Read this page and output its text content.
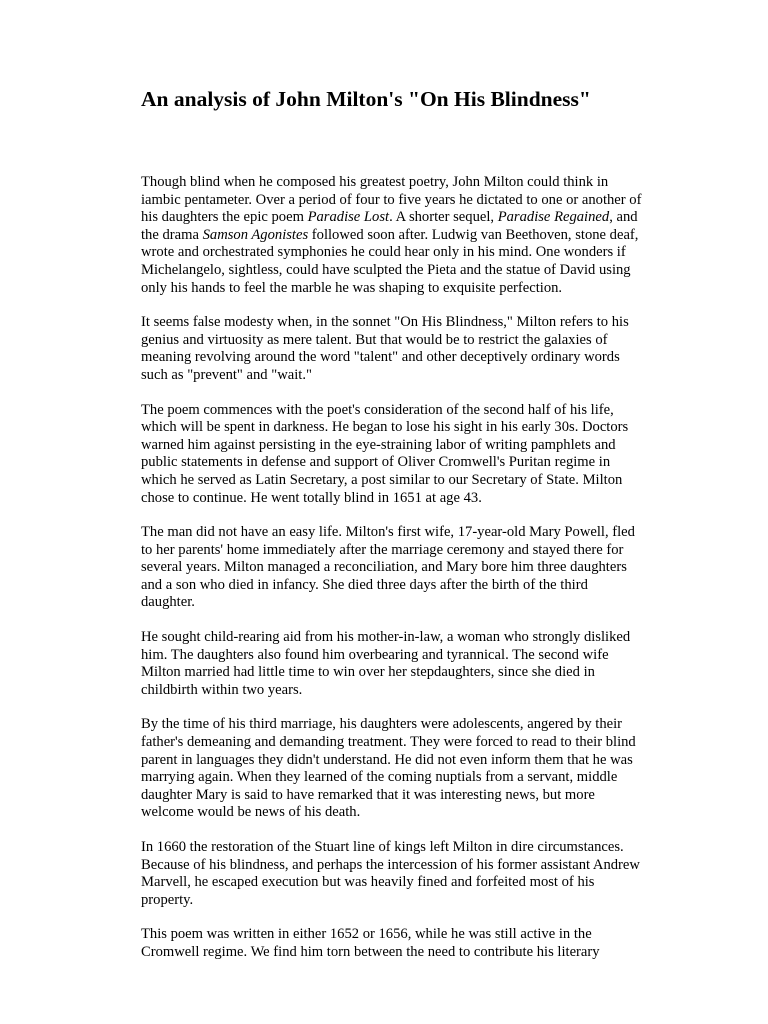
An analysis of John Milton's "On His Blindness"

Though blind when he composed his greatest poetry, John Milton could think in
iambic pentameter. Over a period of four to five years he dictated to one or another of
his daughters the epic poem Paradise Lost. A shorter sequel, Paradise Regained, and
the drama Samson Agonistes followed soon after. Ludwig van Beethoven, stone deaf,
wrote and orchestrated symphonies he could hear only in his mind. One wonders if
Michelangelo, sightless, could have sculpted the Pieta and the statue of David using
only his hands to feel the marble he was shaping to exquisite perfection.

It seems false modesty when, in the sonnet "On His Blindness," Milton refers to his
genius and virtuosity as mere talent. But that would be to restrict the galaxies of
meaning revolving around the word "talent" and other deceptively ordinary words
such as "prevent" and "wait."

The poem commences with the poet's consideration of the second half of his life,
which will be spent in darkness. He began to lose his sight in his early 30s. Doctors
warned him against persisting in the eye-straining labor of writing pamphlets and
public statements in defense and support of Oliver Cromwell's Puritan regime in
which he served as Latin Secretary, a post similar to our Secretary of State. Milton
chose to continue. He went totally blind in 1651 at age 43.

The man did not have an easy life. Milton's first wife, 17-year-old Mary Powell, fled
to her parents' home immediately after the marriage ceremony and stayed there for
several years. Milton managed a reconciliation, and Mary bore him three daughters
and a son who died in infancy. She died three days after the birth of the third
daughter.

He sought child-rearing aid from his mother-in-law, a woman who strongly disliked
him. The daughters also found him overbearing and tyrannical. The second wife
Milton married had little time to win over her stepdaughters, since she died in
childbirth within two years.

By the time of his third marriage, his daughters were adolescents, angered by their
father's demeaning and demanding treatment. They were forced to read to their blind
parent in languages they didn't understand. He did not even inform them that he was
marrying again. When they learned of the coming nuptials from a servant, middle
daughter Mary is said to have remarked that it was interesting news, but more
welcome would be news of his death.

In 1660 the restoration of the Stuart line of kings left Milton in dire circumstances.
Because of his blindness, and perhaps the intercession of his former assistant Andrew
Marvell, he escaped execution but was heavily fined and forfeited most of his
property.

This poem was written in either 1652 or 1656, while he was still active in the
Cromwell regime. We find him torn between the need to contribute his literary
